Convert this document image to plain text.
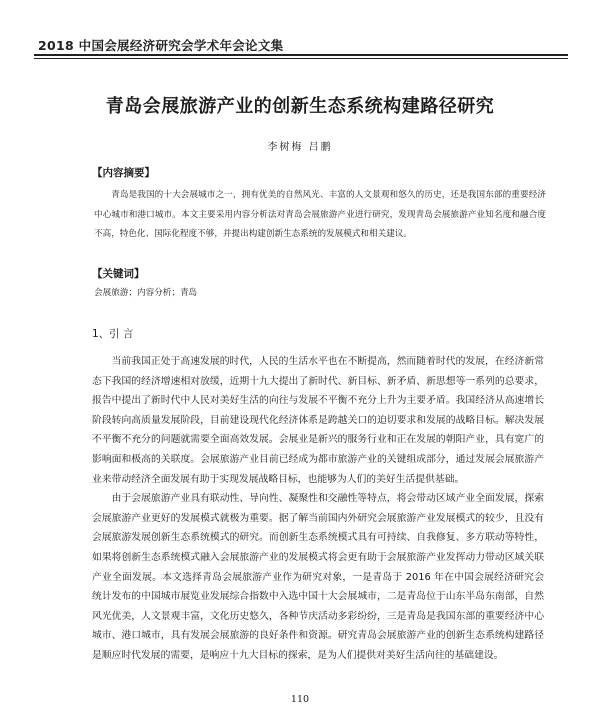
2018 中国会展经济研究会学术年会论文集
青岛会展旅游产业的创新生态系统构建路径研究
李树梅 吕鹏
【内容摘要】

青岛是我国的十大会展城市之一，拥有优美的自然风光、丰富的人文景观和悠久的历史，还是我国东部的重要经济中心城市和港口城市。本文主要采用内容分析法对青岛会展旅游产业进行研究，发现青岛会展旅游产业知名度和融合度不高，特色化、国际化程度不够，并提出构建创新生态系统的发展模式和相关建议。

【关键词】

会展旅游；内容分析；青岛

1、引 言

当前我国正处于高速发展的时代，人民的生活水平也在不断提高，然而随着时代的发展，在经济新常态下我国的经济增速相对放缓，近期十九大提出了新时代、新目标、新矛盾、新思想等一系列的总要求，报告中提出了新时代中人民对美好生活的向往与发展不平衡不充分上升为主要矛盾。我国经济从高速增长阶段转向高质量发展阶段，目前建设现代化经济体系是跨越关口的迫切要求和发展的战略目标。解决发展不平衡不充分的问题就需要全面高效发展。会展业是新兴的服务行业和正在发展的朝阳产业，具有宽广的影响面和极高的关联度。会展旅游产业目前已经成为都市旅游产业的关键组成部分，通过发展会展旅游产业来带动经济全面发展有助于实现发展战略目标，也能够为人们的美好生活提供基础。

由于会展旅游产业具有联动性、导向性、凝聚性和交融性等特点，将会带动区域产业全面发展，探索会展旅游产业更好的发展模式就极为重要。据了解当前国内外研究会展旅游产业发展模式的较少，且没有会展旅游发展创新生态系统模式的研究。而创新生态系统模式具有可持续、自我修复、多方联动等特性，如果将创新生态系统模式融入会展旅游产业的发展模式将会更有助于会展旅游产业发挥动力带动区域关联产业全面发展。本文选择青岛会展旅游产业作为研究对象，一是青岛于 2016 年在中国会展经济研究会统计发布的中国城市展览业发展综合指数中入选中国十大会展城市，二是青岛位于山东半岛东南部，自然风光优美，人文景观丰富，文化历史悠久，各种节庆活动多彩纷纷，三是青岛是我国东部的重要经济中心城市、港口城市，具有发展会展旅游的良好条件和资源。研究青岛会展旅游产业的创新生态系统构建路径是顺应时代发展的需要，是响应十九大目标的探索，是为人们提供对美好生活向往的基础建设。

110
